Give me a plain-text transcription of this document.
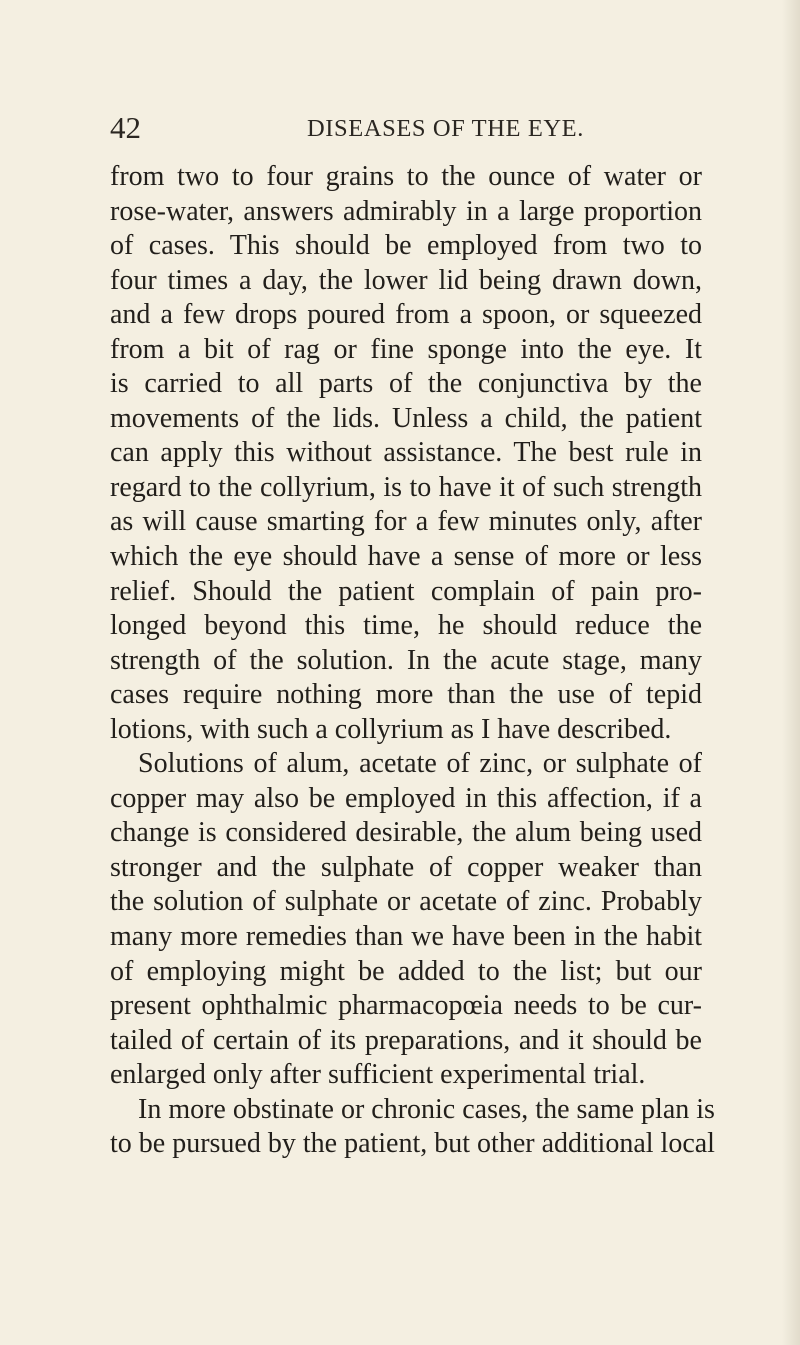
42	DISEASES OF THE EYE.
from two to four grains to the ounce of water or
rose-water, answers admirably in a large proportion
of cases. This should be employed from two to
four times a day, the lower lid being drawn down,
and a few drops poured from a spoon, or squeezed
from a bit of rag or fine sponge into the eye. It
is carried to all parts of the conjunctiva by the
movements of the lids. Unless a child, the patient
can apply this without assistance. The best rule in
regard to the collyrium, is to have it of such strength
as will cause smarting for a few minutes only, after
which the eye should have a sense of more or less
relief. Should the patient complain of pain pro-
longed beyond this time, he should reduce the
strength of the solution. In the acute stage, many
cases require nothing more than the use of tepid
lotions, with such a collyrium as I have described.
Solutions of alum, acetate of zinc, or sulphate of
copper may also be employed in this affection, if a
change is considered desirable, the alum being used
stronger and the sulphate of copper weaker than
the solution of sulphate or acetate of zinc. Probably
many more remedies than we have been in the habit
of employing might be added to the list; but our
present ophthalmic pharmacopœia needs to be cur-
tailed of certain of its preparations, and it should be
enlarged only after sufficient experimental trial.
In more obstinate or chronic cases, the same plan is
to be pursued by the patient, but other additional local
